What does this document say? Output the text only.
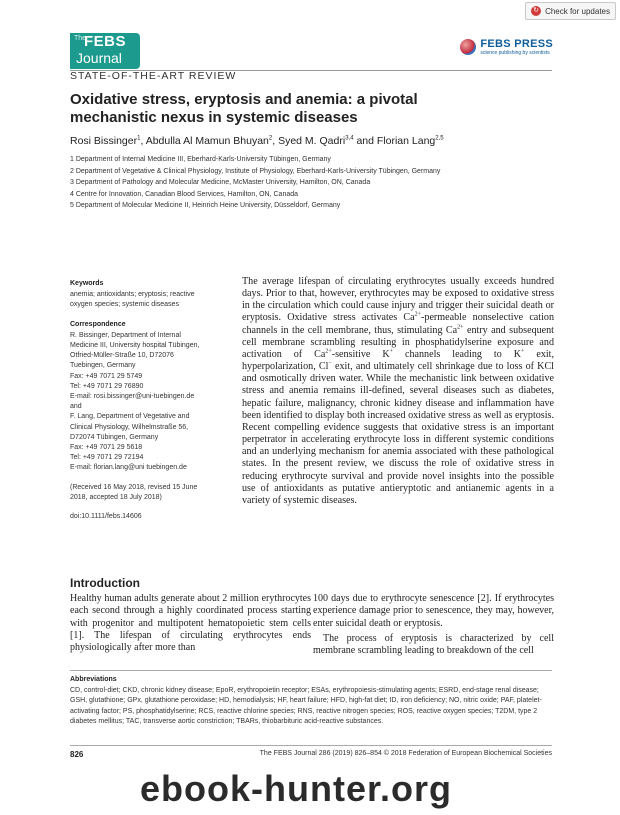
↻ Check for updates
The
FEBS
Journal
FEBS PRESS
science publishing by scientists
STATE-OF-THE-ART REVIEW
Oxidative stress, eryptosis and anemia: a pivotal
mechanistic nexus in systemic diseases
Rosi Bissinger$^1$, Abdulla Al Mamun Bhuyan$^2$, Syed M. Qadri$^{3,4}$ and Florian Lang$^{2,5}$
1 Department of Internal Medicine III, Eberhard-Karls-University Tübingen, Germany
2 Department of Vegetative & Clinical Physiology, Institute of Physiology, Eberhard-Karls-University Tübingen, Germany
3 Department of Pathology and Molecular Medicine, McMaster University, Hamilton, ON, Canada
4 Centre for Innovation, Canadian Blood Services, Hamilton, ON, Canada
5 Department of Molecular Medicine II, Heinrich Heine University, Düsseldorf, Germany
Keywords
anemia; antioxidants; eryptosis; reactive
oxygen species; systemic diseases
Correspondence
R. Bissinger, Department of Internal
Medicine III, University hospital Tübingen,
Otfried-Müller-Straße 10, D72076
Tuebingen, Germany
Fax: +49 7071 29 5749
Tel: +49 7071 29 76890
E-mail: rosi.bissinger@uni-tuebingen.de
and
F. Lang, Department of Vegetative and
Clinical Physiology, Wilhelmstraße 56,
D72074 Tübingen, Germany
Fax: +49 7071 29 5618
Tel: +49 7071 29 72194
E-mail: florian.lang@uni tuebingen.de
(Received 16 May 2018, revised 15 June
2018, accepted 18 July 2018)
doi:10.1111/febs.14606
The average lifespan of circulating erythrocytes usually exceeds hundred days. Prior to that, however, erythrocytes may be exposed to oxidative stress in the circulation which could cause injury and trigger their suicidal death or eryptosis. Oxidative stress activates $Ca^{2+}$-permeable nonselective cation channels in the cell membrane, thus, stimulating $Ca^{2+}$ entry and subsequent cell membrane scrambling resulting in phosphatidylserine exposure and activation of $Ca^{2+}$-sensitive K+ channels leading to K+ exit, hyperpolarization, Cl− exit, and ultimately cell shrinkage due to loss of KCl and osmotically driven water. While the mechanistic link between oxidative stress and anemia remains ill-defined, several diseases such as diabetes, hepatic failure, malignancy, chronic kidney disease and inflammation have been identified to display both increased oxidative stress as well as eryptosis. Recent compelling evidence suggests that oxidative stress is an important perpetrator in accelerating erythrocyte loss in different systemic conditions and an underlying mechanism for anemia associated with these pathological states. In the present review, we discuss the role of oxidative stress in reducing erythrocyte survival and provide novel insights into the possible use of antioxidants as putative antieryptotic and antianemic agents in a variety of systemic diseases.
Introduction

Healthy human adults generate about 2 million erythrocytes each second through a highly coordinated process starting with progenitor and multipotent hematopoietic stem cells [1]. The lifespan of circulating erythrocytes ends physiologically after more than

100 days due to erythrocyte senescence [2]. If erythrocytes experience damage prior to senescence, they may, however, enter suicidal death or eryptosis.

The process of eryptosis is characterized by cell membrane scrambling leading to breakdown of the cell

Abbreviations
CD, control-diet; CKD, chronic kidney disease; EpoR, erythropoietin receptor; ESAs, erythropoiesis-stimulating agents; ESRD, end-stage renal disease; GSH, glutathione; GPx, glutathione peroxidase; HD, hemodialysis; HF, heart failure; HFD, high-fat diet; ID, iron deficiency; NO, nitric oxide; PAF, platelet-activating factor; PS, phosphatidylserine; RCS, reactive chlorine species; RNS, reactive nitrogen species; ROS, reactive oxygen species; T2DM, type 2 diabetes mellitus; TAC, transverse aortic constriction; TBARs, thiobarbituric acid-reactive substances.
826	The FEBS Journal 286 (2019) 826–854 © 2018 Federation of European Biochemical Societies
ebook-hunter.org
